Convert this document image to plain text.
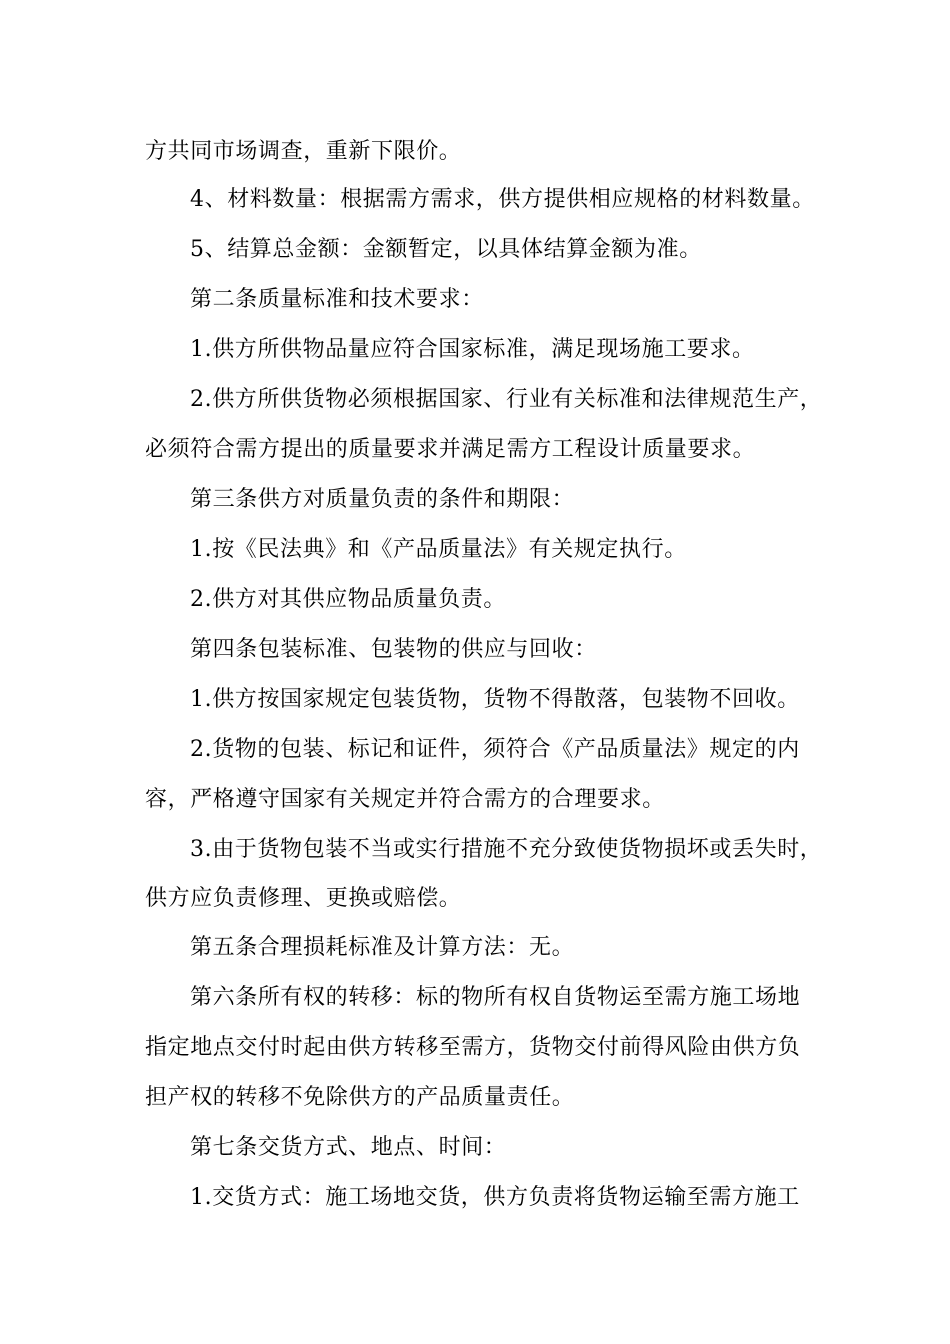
方共同市场调查，重新下限价。
4、材料数量：根据需方需求，供方提供相应规格的材料数量。
5、结算总金额：金额暂定，以具体结算金额为准。
第二条质量标准和技术要求：
1.供方所供物品量应符合国家标准，满足现场施工要求。
2.供方所供货物必须根据国家、行业有关标准和法律规范生产，
必须符合需方提出的质量要求并满足需方工程设计质量要求。
第三条供方对质量负责的条件和期限：
1.按《民法典》和《产品质量法》有关规定执行。
2.供方对其供应物品质量负责。
第四条包装标准、包装物的供应与回收：
1.供方按国家规定包装货物，货物不得散落，包装物不回收。
2.货物的包装、标记和证件，须符合《产品质量法》规定的内
容，严格遵守国家有关规定并符合需方的合理要求。
3.由于货物包装不当或实行措施不充分致使货物损坏或丢失时，
供方应负责修理、更换或赔偿。
第五条合理损耗标准及计算方法：无。
第六条所有权的转移：标的物所有权自货物运至需方施工场地
指定地点交付时起由供方转移至需方，货物交付前得风险由供方负
担产权的转移不免除供方的产品质量责任。
第七条交货方式、地点、时间：
1.交货方式：施工场地交货，供方负责将货物运输至需方施工
